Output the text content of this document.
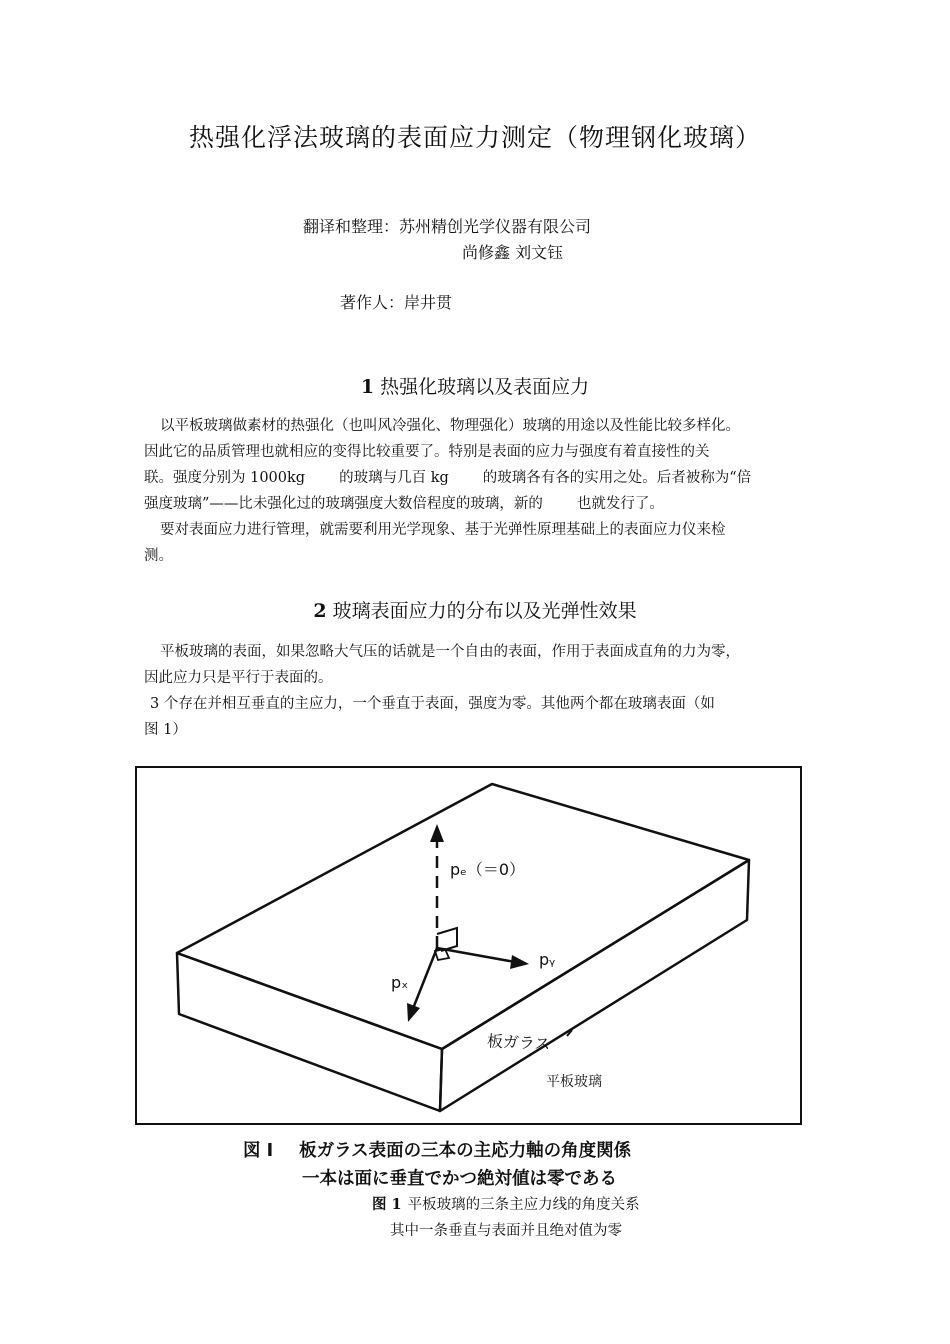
热强化浮法玻璃的表面应力测定（物理钢化玻璃）
翻译和整理：苏州精创光学仪器有限公司
尚修鑫 刘文钰
著作人：岸井贯
1 热强化玻璃以及表面应力

以平板玻璃做素材的热强化（也叫风冷强化、物理强化）玻璃的用途以及性能比较多样化。

因此它的品质管理也就相应的变得比较重要了。特别是表面的应力与强度有着直接性的关

联。强度分别为 1000kg 的玻璃与几百 kg 的玻璃各有各的实用之处。后者被称为“倍

强度玻璃”——比未强化过的玻璃强度大数倍程度的玻璃，新的 也就发行了。

要对表面应力进行管理，就需要利用光学现象、基于光弹性原理基础上的表面应力仪来检

测。

2 玻璃表面应力的分布以及光弹性效果

平板玻璃的表面，如果忽略大气压的话就是一个自由的表面，作用于表面成直角的力为零，

因此应力只是平行于表面的。

3 个存在并相互垂直的主应力，一个垂直于表面，强度为零。其他两个都在玻璃表面（如

图 1）

pₑ（＝0）
pᵧ
pₓ
板ガラス
平板玻璃
図 I 板ガラス表面の三本の主応力軸の角度関係
一本は面に垂直でかつ絶対値は零である
图 1 平板玻璃的三条主应力线的角度关系
其中一条垂直与表面并且绝对值为零
